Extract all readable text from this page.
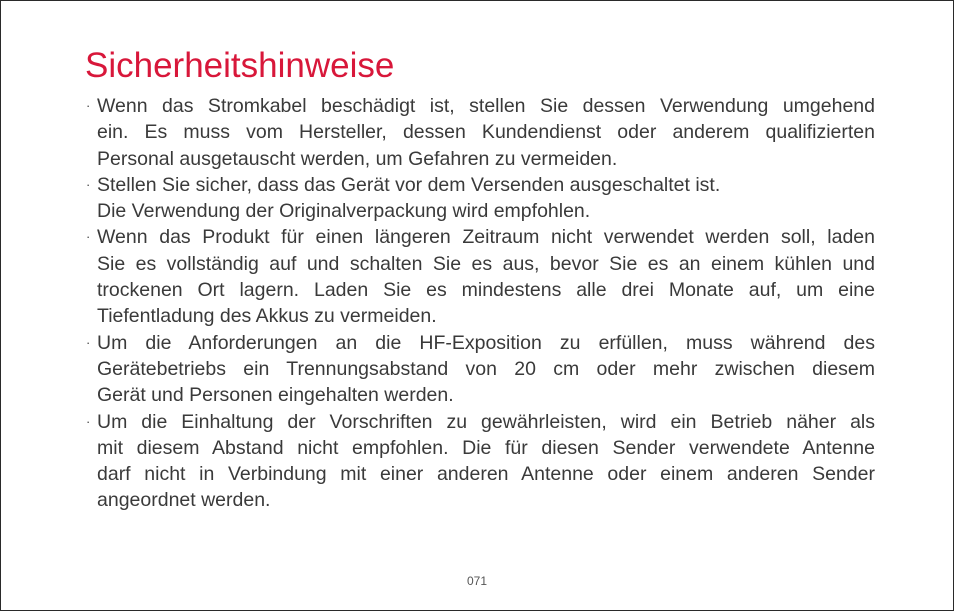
Sicherheitshinweise
· Wenn das Stromkabel beschädigt ist, stellen Sie dessen Verwendung umgehend
ein. Es muss vom Hersteller, dessen Kundendienst oder anderem qualifizierten
Personal ausgetauscht werden, um Gefahren zu vermeiden.
· Stellen Sie sicher, dass das Gerät vor dem Versenden ausgeschaltet ist.
Die Verwendung der Originalverpackung wird empfohlen.
· Wenn das Produkt für einen längeren Zeitraum nicht verwendet werden soll, laden
Sie es vollständig auf und schalten Sie es aus, bevor Sie es an einem kühlen und
trockenen Ort lagern. Laden Sie es mindestens alle drei Monate auf, um eine
Tiefentladung des Akkus zu vermeiden.
· Um die Anforderungen an die HF-Exposition zu erfüllen, muss während des
Gerätebetriebs ein Trennungsabstand von 20 cm oder mehr zwischen diesem
Gerät und Personen eingehalten werden.
· Um die Einhaltung der Vorschriften zu gewährleisten, wird ein Betrieb näher als
mit diesem Abstand nicht empfohlen. Die für diesen Sender verwendete Antenne
darf nicht in Verbindung mit einer anderen Antenne oder einem anderen Sender
angeordnet werden.
071
